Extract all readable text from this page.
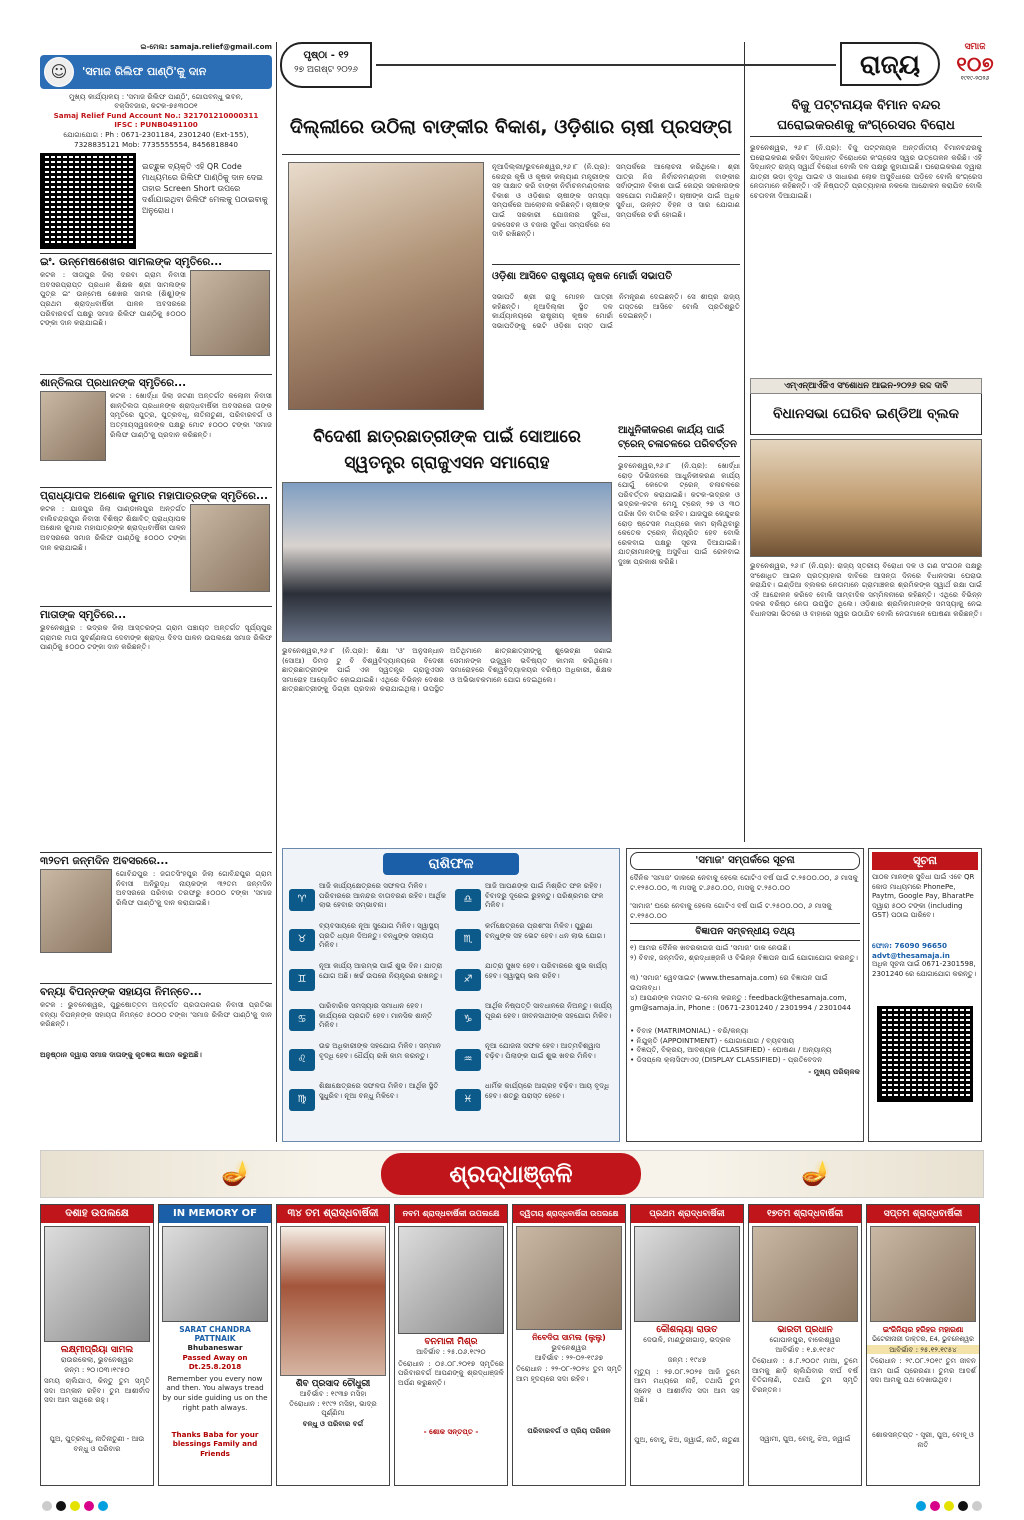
ପୃଷ୍ଠା - ୧୨
୨୭ ଅଗଷ୍ଟ ୨୦୨୬	ରାଜ୍ୟ
ସମାଜ
୧୦୭
୧୯୧୯-୨୦୨୬
ଇ-ମେଲ: samaja.relief@gmail.com
☺	'ସମାଜ ରିଲିଫ ପାଣ୍ଠି'କୁ ଦାନ
ମୁଖ୍ୟ କାର୍ଯ୍ୟାଳୟ : 'ସମାଜ ରିଲିଫ ପାଣ୍ଠି', ଗୋପବନ୍ଧୁ ଭବନ,
ବକ୍ସିବଜାର, କଟକ-୭୫୩୦୦୧
Samaj Relief Fund Account No.: 32170121000031​1
IFSC : PUNB0491100
ଯୋଗାଯୋଗ : Ph : 0671-2301184, 2301240 (Ext-155),
7328835121 Mob: 7735555554, 8456818840
ଇଚ୍ଛୁକ ବ୍ୟକ୍ତି ଏହି QR Code ମାଧ୍ୟମରେ ରିଲିଫ ପାଣ୍ଠିକୁ ଦାନ ଦେଇ ତାହାର Screen Short ଉପରେ ଦର୍ଶାଯାଇଥିବା ରିଲିଫ ମେଲକୁ ପଠାଇବାକୁ ଅନୁରୋଧ।
ଇଂ. ଉନ୍ମେଷଶେଖର ସାମଲଙ୍କ ସ୍ମୃତିରେ...
କଟକ : ସୀତାପୁର ଜିଲା ଦରବା ଗ୍ରାମ ନିବାସୀ ଅବସରପ୍ରାପ୍ତ ପ୍ରଧାନ ଶିକ୍ଷକ ଶ୍ରୀ ସାମଲଙ୍କ ପୁତ୍ର ଇଂ ଉନ୍ମେଷ ଶେଖର ସାମଲ (ଶିଶୁ)ଙ୍କ ପ୍ରଥମ ଶ୍ରାଦ୍ଧବାର୍ଷିକୀ ପାଳନ ଅବସରରେ ପରିବାରବର୍ଗ ପକ୍ଷରୁ ସମାଜ ରିଲିଫ ପାଣ୍ଠିକୁ ୫୦୦୦ ଟଙ୍କା ଦାନ କରାଯାଇଛି।
ଶାନ୍ତିଲତା ପ୍ରଧାନଙ୍କ ସ୍ମୃତିରେ...
କଟକ : ଖୋର୍ଦ୍ଧା ଜିଲା ଜଟଣୀ ଅନ୍ତର୍ଗତ କଲୋନୀ ନିବାସୀ ଶାନ୍ତିଲତା ପ୍ରଧାନଙ୍କ ଶ୍ରାଦ୍ଧବାର୍ଷିକୀ ଅବସରରେ ତାଙ୍କ ସ୍ମୃତିରେ ପୁତ୍ର, ପୁତ୍ରବଧୂ, ନାତିନାତୁଣୀ, ପରିବାରବର୍ଗ ଓ ଅତ୍ମୀୟସ୍ୱଜନଙ୍କ ପକ୍ଷରୁ ମୋଟ ୫୦୦୦ ଟଙ୍କା 'ସମାଜ ରିଲିଫ ପାଣ୍ଠି'କୁ ପ୍ରଦାନ କରିଛନ୍ତି।
ପ୍ରାଧ୍ୟାପକ ଅଶୋକ କୁମାର ମହାପାତ୍ରଙ୍କ ସ୍ମୃତିରେ...
କଟକ : ଯାଜପୁର ଜିଲା ପାଣ୍ଡାଲପୁର ଅନ୍ତର୍ଗତ ବାଲିଚନ୍ଦ୍ରପୁର ନିବାସୀ ବିଶିଷ୍ଟ ଶିକ୍ଷାବିତ୍ ପ୍ରାଧ୍ୟାପକ ଅଶୋକ କୁମାର ମହାପାତ୍ରଙ୍କ ଶ୍ରାଦ୍ଧବାର୍ଷିକୀ ପାଳନ ଅବସରରେ ସମାଜ ରିଲିଫ ପାଣ୍ଠିକୁ ୫୦୦୦ ଟଙ୍କା ଦାନ କରାଯାଇଛି।
ମାତାଙ୍କ ସ୍ମୃତିରେ...
ଭୁବନେଶ୍ୱର : ଭଦ୍ରକ ଜିଲା ଆସ୍ତରଙ୍ଗ ଗ୍ରାମ ପଞ୍ଚାୟତ ଅନ୍ତର୍ଗତ ସୂର୍ଯ୍ୟପୁର ଗ୍ରାମର ମାତା ସୁବର୍ଣ୍ଣଲତା ଦେବୀଙ୍କ ଶ୍ରାଦ୍ଧ ଦିବସ ପାଳନ ଉପଲକ୍ଷେ ସମାଜ ରିଲିଫ ପାଣ୍ଠିକୁ ୫୦୦୦ ଟଙ୍କା ଦାନ କରିଛନ୍ତି।
୩୨ତମ ଜନ୍ମଦିନ ଅବସରରେ...
ଗୋବିନ୍ଦପୁର : ଜଗତସିଂହପୁର ଜିଲା ଗୋବିନ୍ଦପୁର ଗ୍ରାମ ନିବାସୀ ଅନିରୁଦ୍ଧ ନାୟକଙ୍କ ୩୨ତମ ଜନ୍ମଦିନ ଅବସରରେ ପରିବାର ତରଫରୁ ୫୦୦୦ ଟଙ୍କା 'ସମାଜ ରିଲିଫ ପାଣ୍ଠି'କୁ ଦାନ କରାଯାଇଛି।
ବନ୍ୟା ବିପନ୍ନଙ୍କ ସହାୟତା ନିମନ୍ତେ...
କଟକ : ଭୁବନେଶ୍ୱର, ପୁରୁଷୋତ୍ତମ ଅନ୍ତର୍ଗତ ପ୍ରତାପନଗର ନିବାସୀ ପ୍ରତିଭା ବନ୍ୟା ବିପନ୍ନଙ୍କ ସହାୟତା ନିମନ୍ତେ ୫୦୦୦ ଟଙ୍କା 'ସମାଜ ରିଲିଫ ପାଣ୍ଠି'କୁ ଦାନ କରିଛନ୍ତି।
ଅନୁଷ୍ଠାନ ଦ୍ୱାରା ସମାଜ ଦାତାଙ୍କୁ କୃତଜ୍ଞତା ଜ୍ଞାପନ କରୁଅଛି।
ଦିଲ୍ଲୀରେ ଉଠିଲା ବାଙ୍କୀର ବିକାଶ, ଓଡ଼ିଶାର ଚାଷୀ ପ୍ରସଙ୍ଗ
ନୂଆଦିଲ୍ଲୀ/ଭୁବନେଶ୍ୱର,୨୬।୮ (ନି.ପ୍ର): କେନ୍ଦ୍ର କୃଷି ଓ କୃଷକ କଲ୍ୟାଣ ମନ୍ତ୍ରୀଙ୍କ ସହ ସାକ୍ଷାତ କରି ବାଙ୍କୀ ନିର୍ବାଚନମଣ୍ଡଳୀର ବିକାଶ ଓ ଓଡ଼ିଶାର ଚାଷୀଙ୍କ ସମସ୍ୟା ସମ୍ପର୍କରେ ଆଲୋଚନା କରିଛନ୍ତି। ଚାଷୀଙ୍କ ପାଇଁ ସରକାରୀ ଯୋଜନାର ସୁବିଧା, ଜଳସେଚନ ଓ ବଜାର ସୁବିଧା ସମ୍ପର୍କରେ ସେ ଦାବି ରଖିଛନ୍ତି।
ସମ୍ପର୍କରେ ଆଲୋଚନା କରିଥିଲେ। ଶ୍ରୀ ପାତ୍ର ନିଜ ନିର୍ବାଚନମଣ୍ଡଳୀ ବାଙ୍କୀର ସର୍ବାଙ୍ଗୀନ ବିକାଶ ପାଇଁ କେନ୍ଦ୍ର ସରକାରଙ୍କ ସହଯୋଗ ମାଗିଛନ୍ତି। ଚାଷୀଙ୍କ ପାଇଁ ଅଧିକ ସୁବିଧା, ଉନ୍ନତ ବିହନ ଓ ସାର ଯୋଗାଣ ସମ୍ପର୍କରେ ଚର୍ଚ୍ଚା ହୋଇଛି।
ଓଡ଼ିଶା ଆସିବେ ରାଷ୍ଟ୍ରୀୟ କୃଷକ ମୋର୍ଚ୍ଚା ସଭାପତି
ସଭାପତି ଶ୍ରୀ ରାଜୁ ମୋହନ ପାତ୍ରୀ କହିଛନ୍ତି। ନୂଆଦିଲ୍ଲୀ ସ୍ଥିତ ଦଳ କାର୍ଯ୍ୟାଳୟରେ ରାଷ୍ଟ୍ରୀୟ କୃଷକ ମୋର୍ଚ୍ଚା ସଭାପତିଙ୍କୁ ଭେଟି ଓଡ଼ିଶା ଗସ୍ତ ପାଇଁ ନିମନ୍ତ୍ରଣ ଦେଇଛନ୍ତି। ସେ ଶୀଘ୍ର ରାଜ୍ୟ ଗସ୍ତରେ ଆସିବେ ବୋଲି ପ୍ରତିଶ୍ରୁତି ଦେଇଛନ୍ତି।
ବିଦେଶୀ ଛାତ୍ରଛାତ୍ରୀଙ୍କ ପାଇଁ ସୋଆରେ
ସ୍ୱତନ୍ତ୍ର ଗ୍ରାଜୁଏସନ ସମାରୋହ
ଭୁବନେଶ୍ୱର,୨୬।୮ (ନି.ପ୍ର): ଶିକ୍ଷା 'ଓ' ଅନୁସନ୍ଧାନ (ସୋଆ) ଡିମଡ଼ ଟୁ ବି ବିଶ୍ୱବିଦ୍ୟାଳୟରେ ବିଦେଶୀ ଛାତ୍ରଛାତ୍ରୀଙ୍କ ପାଇଁ ଏକ ସ୍ୱତନ୍ତ୍ର ଗ୍ରାଜୁଏସନ ସମାରୋହ ଆୟୋଜିତ ହୋଇଯାଇଛି। ଏଥିରେ ବିଭିନ୍ନ ଦେଶର ଛାତ୍ରଛାତ୍ରୀଙ୍କୁ ଡିଗ୍ରୀ ପ୍ରଦାନ କରାଯାଇଥିଲା। ଉପସ୍ଥିତ ଅତିଥିମାନେ ଛାତ୍ରଛାତ୍ରୀଙ୍କୁ ଶୁଭେଚ୍ଛା ଜଣାଇ ସେମାନଙ୍କ ଉଜ୍ଜ୍ୱଳ ଭବିଷ୍ୟତ କାମନା କରିଥିଲେ। ସମାରୋହରେ ବିଶ୍ୱବିଦ୍ୟାଳୟର ବରିଷ୍ଠ ଅଧିକାରୀ, ଶିକ୍ଷକ ଓ ଅଭିଭାବକମାନେ ଯୋଗ ଦେଇଥିଲେ।
ଆଧୁନିକୀକରଣ କାର୍ଯ୍ୟ ପାଇଁ ଟ୍ରେନ୍ ଚଳାଚଳରେ ପରିବର୍ତ୍ତନ
ଭୁବନେଶ୍ୱର,୨୬।୮ (ନି.ପ୍ର): ଖୋର୍ଦ୍ଧା ରୋଡ଼ ଡିଭିଜନରେ ଆଧୁନିକୀକରଣ କାର୍ଯ୍ୟ ଯୋଗୁଁ କେତେକ ଟ୍ରେନ୍ ଚଳାଚଳରେ ପରିବର୍ତ୍ତନ କରାଯାଇଛି। କଟକ-ଭଦ୍ରକ ଓ ଭଦ୍ରକ-କଟକ ମେମୁ ଟ୍ରେନ୍ ୨୭ ଓ ୩୦ ତାରିଖ ଦିନ ବାତିଲ ରହିବ। ଯାଜପୁର କେନ୍ଦୁଝର ରୋଡ଼ ଷ୍ଟେସନ ମଧ୍ୟରେ କାମ ଚାଲିଥିବାରୁ କେତେକ ଟ୍ରେନ୍ ନିୟନ୍ତ୍ରିତ ହେବ ବୋଲି ରେଳବାଇ ପକ୍ଷରୁ ସୂଚନା ଦିଆଯାଇଛି। ଯାତ୍ରୀମାନଙ୍କୁ ଅସୁବିଧା ପାଇଁ ରେଳବାଇ ଦୁଃଖ ପ୍ରକାଶ କରିଛି।
ବିଜୁ ପଟ୍ଟନାୟକ ବିମାନ ବନ୍ଦର
ଘରୋଇକରଣକୁ କଂଗ୍ରେସର ବିରୋଧ
ଭୁବନେଶ୍ୱର, ୨୬।୮ (ନି.ପ୍ର): ବିଜୁ ପଟ୍ଟନାୟକ ଅନ୍ତର୍ଜାତୀୟ ବିମାନବନ୍ଦରକୁ ଘରୋଇକରଣ କରିବା ସିଦ୍ଧାନ୍ତ ବିରୋଧରେ କଂଗ୍ରେସ ସ୍ୱର ଉତ୍ତୋଳନ କରିଛି। ଏହି ସିଦ୍ଧାନ୍ତ ରାଜ୍ୟ ସ୍ୱାର୍ଥ ବିରୋଧୀ ବୋଲି ଦଳ ପକ୍ଷରୁ କୁହାଯାଇଛି। ଘରୋଇକରଣ ଦ୍ୱାରା ଯାତ୍ରୀ ଭଡ଼ା ବୃଦ୍ଧି ପାଇବ ଓ ସାଧାରଣ ଲୋକ ଅସୁବିଧାରେ ପଡ଼ିବେ ବୋଲି କଂଗ୍ରେସ ନେତାମାନେ କହିଛନ୍ତି। ଏହି ନିଷ୍ପତ୍ତି ପ୍ରତ୍ୟାହାର ନକଲେ ଆନ୍ଦୋଳନ କରାଯିବ ବୋଲି ଚେତାବନୀ ଦିଆଯାଇଛି।
ଏମ୍ଏନ୍ଆର୍ଏଜିଏ ସଂଶୋଧନ ଆଇନ-୨୦୨୬ ରଦ୍ଦ ଦାବି
ବିଧାନସଭା ଘେରିବ ଇଣ୍ଡିଆ ବ୍ଲକ
ଭୁବନେଶ୍ୱର, ୨୬।୮ (ନି.ପ୍ର): ରାଜ୍ୟ ସ୍ତରୀୟ ବିରୋଧୀ ଦଳ ଓ ଗଣ ସଂଗଠନ ପକ୍ଷରୁ ସଂଶୋଧିତ ଆଇନ ପ୍ରତ୍ୟାହାର ଦାବିରେ ଆସନ୍ତା ଦିନରେ ବିଧାନସଭା ଘେରାଉ କରାଯିବ। ଇଣ୍ଡିଆ ବ୍ଲକର ନେତାମାନେ ଗ୍ରାମାଞ୍ଚଳର ଶ୍ରମିକଙ୍କ ସ୍ୱାର୍ଥ ରକ୍ଷା ପାଇଁ ଏହି ଆନ୍ଦୋଳନ କରିବେ ବୋଲି ସାମ୍ବାଦିକ ସମ୍ମିଳନୀରେ କହିଛନ୍ତି। ଏଥିରେ ବିଭିନ୍ନ ଦଳର ବରିଷ୍ଠ ନେତା ଉପସ୍ଥିତ ଥିଲେ। ଓଡ଼ିଶାର ଶ୍ରମିକମାନଙ୍କ ସମସ୍ୟାକୁ ନେଇ ବିଧାନସଭା ଭିତରେ ଓ ବାହାରେ ସ୍ୱର ଉଠାଯିବ ବୋଲି ନେତାମାନେ ଘୋଷଣା କରିଛନ୍ତି।
ରାଶିଫଳ
♈
ଆଜି କାର୍ଯ୍ୟକ୍ଷେତ୍ରରେ ସଫଳତା ମିଳିବ। ପରିବାରରେ ଆନନ୍ଦର ବାତାବରଣ ରହିବ। ଆର୍ଥିକ ଲାଭ ହେବାର ସମ୍ଭାବନା।	♎
ଆଜି ଆପଣଙ୍କ ପାଇଁ ମିଶ୍ରିତ ଫଳ ରହିବ। ବିବାଦରୁ ଦୂରେଇ ରୁହନ୍ତୁ। ପରିଶ୍ରମର ଫଳ ମିଳିବ।
♉
ବ୍ୟବସାୟରେ ନୂଆ ସୁଯୋଗ ମିଳିବ। ସ୍ୱାସ୍ଥ୍ୟ ପ୍ରତି ଧ୍ୟାନ ଦିଅନ୍ତୁ। ବନ୍ଧୁଙ୍କ ସହାୟତା ମିଳିବ।	♏
କର୍ମକ୍ଷେତ୍ରରେ ପ୍ରଶଂସା ମିଳିବ। ପୁରୁଣା ବନ୍ଧୁଙ୍କ ସହ ଭେଟ ହେବ। ଧନ ଲାଭ ଯୋଗ।
♊
ନୂଆ କାର୍ଯ୍ୟ ଆରମ୍ଭ ପାଇଁ ଶୁଭ ଦିନ। ଯାତ୍ରା ଯୋଗ ଅଛି। ଖର୍ଚ୍ଚ ଉପରେ ନିୟନ୍ତ୍ରଣ ରଖନ୍ତୁ।	♐
ଯାତ୍ରା ସୁଖଦ ହେବ। ପରିବାରରେ ଶୁଭ କାର୍ଯ୍ୟ ହେବ। ସ୍ୱାସ୍ଥ୍ୟ ଭଲ ରହିବ।
♋
ପାରିବାରିକ ସମସ୍ୟାର ସମାଧାନ ହେବ। କାର୍ଯ୍ୟରେ ପ୍ରଗତି ହେବ। ମାନସିକ ଶାନ୍ତି ମିଳିବ।	♑
ଆର୍ଥିକ ନିଷ୍ପତ୍ତି ସାବଧାନରେ ନିଅନ୍ତୁ। କାର୍ଯ୍ୟ ପୂରଣ ହେବ। ଜୀବନସାଥୀଙ୍କ ସହଯୋଗ ମିଳିବ।
♌
ଉଚ୍ଚ ଅଧିକାରୀଙ୍କ ସହଯୋଗ ମିଳିବ। ସମ୍ମାନ ବୃଦ୍ଧି ହେବ। ଧୈର୍ଯ୍ୟ ରଖି କାମ କରନ୍ତୁ।	♒
ନୂଆ ଯୋଜନା ସଫଳ ହେବ। ଆତ୍ମବିଶ୍ୱାସ ବଢ଼ିବ। ପିଲାଙ୍କ ପାଇଁ ଶୁଭ ଖବର ମିଳିବ।
♍
ଶିକ୍ଷାକ୍ଷେତ୍ରରେ ସଫଳତା ମିଳିବ। ଆର୍ଥିକ ସ୍ଥିତି ସୁଧୁରିବ। ନୂଆ ବନ୍ଧୁ ମିଳିବେ।	♓
ଧାର୍ମିକ କାର୍ଯ୍ୟରେ ଆଗ୍ରହ ବଢ଼ିବ। ଆୟ ବୃଦ୍ଧି ହେବ। ଶତ୍ରୁ ପରାସ୍ତ ହେବେ।
'ସମାଜ' ସମ୍ପର୍କରେ ସୂଚନା
ଦୈନିକ 'ସମାଜ' ଡାକରେ ନେବାକୁ ହେଲେ ଗୋଟିଏ ବର୍ଷ ପାଇଁ ଟ.୨୫୦୦.୦୦, ୬ ମାସକୁ ଟ.୧୨୫୦.୦୦, ୩ ମାସକୁ ଟ.୬୫୦.୦୦, ମାସକୁ ଟ.୨୫୦.୦୦
'ସାମାଜ' ଘରେ ନେବାକୁ ହେଲେ ଗୋଟିଏ ବର୍ଷ ପାଇଁ ଟ.୨୫୦୦.୦୦, ୬ ମାସକୁ ଟ.୧୨୫୦.୦୦
ବିଜ୍ଞାପନ ସମ୍ବନ୍ଧୀୟ ତଥ୍ୟ
୧) ଆମର ଦୈନିକ ଖବରକାଗଜ ପାଇଁ 'ସମାଜ' ଡାକ ନେଉଛି।
୨) ବିବାହ, ଜନ୍ମଦିନ, ଶ୍ରଦ୍ଧାଞ୍ଜଳି ଓ ବିଭିନ୍ନ ବିଜ୍ଞାପନ ପାଇଁ ଯୋଗାଯୋଗ କରନ୍ତୁ।
୩) 'ସମାଜ' ୱେବସାଇଟ (www.thesamaja.com) ରେ ବିଜ୍ଞାପନ ପାଇଁ ଉପଲବ୍ଧ।
୪) ଆପଣଙ୍କ ମତାମତ ଇ-ମେଲ କରନ୍ତୁ : feedback@thesamaja.com, gm@samaja.in, Phone : (0671-2301240 / 2301994 / 2301044
• ବିବାହ (MATRIMONIAL) - ବରି/କନ୍ୟା
• ନିଯୁକ୍ତି (APPOINTMENT) - ଯୋଗାଯୋଗ / ବ୍ୟବସାୟ
• ବିଜ୍ଞପ୍ତି, ବିକ୍ରୟ, ଆବଶ୍ୟକ (CLASSIFIED) - ଘୋଷଣା / ଅନ୍ୟାନ୍ୟ
• ଡିସପ୍ଲେ କ୍ଲାସିଫାଏଡ୍ (DISPLAY CLASSIFIED) - ପ୍ରତିବେଦନ
- ମୁଖ୍ୟ ପରିଚାଳକ
ସୂଚନା
ପାଠକ ମାନଙ୍କ ସୁବିଧା ପାଇଁ ଏବେ QR କୋଡ ମାଧ୍ୟମରେ PhonePe, Paytm, Google Pay, BharatPe ଦ୍ୱାରା ୫୦୦ ଟଙ୍କା (including GST) ପଠାଇ ପାରିବେ।
ଫୋନ: 76090 96650
advt@thesamaja.in
ଅଧିକ ସୂଚନା ପାଇଁ 0671-2301598, 2301240 ରେ ଯୋଗାଯୋଗ କରନ୍ତୁ।
🪔	ଶ୍ରଦ୍ଧାଞ୍ଜଳି	🪔
ଦଶାହ ଉପଲକ୍ଷେ
ଲକ୍ଷ୍ମୀପ୍ରିୟା ସାମଲ
ରାଉରକେଲା, ଭୁବନେଶ୍ୱର
ଜନ୍ମ : ୨୦।୦୩।୧୯୫୦
ସମୟ ଚାଲିଯାଏ, କିନ୍ତୁ ତୁମ ସ୍ମୃତି ସଦା ଅମ୍ଳାନ ରହିବ। ତୁମ ଆଶୀର୍ବାଦ ସଦା ଆମ ସାଥିରେ ରହୁ।
ପୁଅ, ପୁତ୍ରବଧୂ, ନାତିନାତୁଣୀ - ଆଉ ବନ୍ଧୁ ଓ ପରିବାର
IN MEMORY OF
SARAT CHANDRA PATTNAIK
Bhubaneswar
Passed Away on Dt.25.8.2018
Remember you every now and then. You always tread by our side guiding us on the right path always.
Thanks Baba for your blessings Family and Friends
୩୪ ତମ ଶ୍ରାଦ୍ଧବାର୍ଷିକୀ
ଶିବ ପ୍ରସାଦ ଚୌଧୁରୀ
ଆବିର୍ଭାବ : ୧୯୩୭ ମସିହା
ତିରୋଧାନ : ୧୯୯୨ ମସିହା, ଭାଦ୍ର ପୂର୍ଣ୍ଣିମା
ବନ୍ଧୁ ଓ ପରିବାର ବର୍ଗ
ନବମ ଶ୍ରାଦ୍ଧବାର୍ଷିକୀ ଉପଲକ୍ଷେ
ବନମାଳୀ ମିଶ୍ର
ଆବିର୍ଭାବ : ୨୫.୦୬.୧୯୨୦
ତିରୋଧାନ : ୦୫.୦୮.୨୦୧୭ ସ୍ମୃତିରେ ପରିବାରବର୍ଗ ଆପଣଙ୍କୁ ଶ୍ରଦ୍ଧାଞ୍ଜଳି ଅର୍ପଣ କରୁଛନ୍ତି।
- ଶୋକ ସନ୍ତପ୍ତ -
ଦ୍ୱିତୀୟ ଶ୍ରାଦ୍ଧବାର୍ଷିକୀ ଉପଲକ୍ଷେ
ନିବେଦିତା ସାମଲ (ଲୁଲୁ)
ଭୁବନେଶ୍ୱର
ଆବିର୍ଭାବ : ୨୨-୦୨-୧୯୬୭
ତିରୋଧାନ : ୨୨-୦୮-୨୦୨୪ ତୁମ ସ୍ମୃତି ଆମ ହୃଦୟରେ ସଦା ରହିବ।
ପରିବାରବର୍ଗ ଓ ପ୍ରିୟ ପରିଜନ
ପ୍ରଥମ ଶ୍ରାଦ୍ଧବାର୍ଷିକୀ
କୌଶଲ୍ୟା ରାଉତ
ଦେଉଳି, ମାଣ୍ଡୁରୀଗାଡ଼, ଭଦ୍ରକ
ଜନ୍ମ : ୧୯୪୭
ମୃତ୍ୟୁ : ୨୭.୦୮.୨୦୨୫ ଆଜି ତୁମେ ଆମ ମଧ୍ୟରେ ନାହଁ, ତଥାପି ତୁମ ସ୍ନେହ ଓ ଆଶୀର୍ବାଦ ସଦା ଆମ ସହ ଅଛି।
ପୁଅ, ବୋହୂ, ଝିଅ, ଜ୍ୱାଇଁ, ନାତି, ନାତୁଣୀ
୧୭ତମ ଶ୍ରାଦ୍ଧବାର୍ଷିକୀ
ଭାରତୀ ପ୍ରଧାନ
ଗୋପାଳପୁର, ବାଲେଶ୍ୱର
ଆବିର୍ଭାବ : ୧.୭.୧୯୫୯
ତିରୋଧାନ : ୫.୮.୨୦୦୯ ମାଆ, ତୁମେ ଆମକୁ ଛାଡ଼ି ଚାଲିଯିବାର ଦୀର୍ଘ ବର୍ଷ ବିତିଗଲାଣି, ତଥାପି ତୁମ ସ୍ମୃତି ଚିରନ୍ତନ।
ସ୍ୱାମୀ, ପୁଅ, ବୋହୂ, ଝିଅ, ଜ୍ୱାଇଁ
ସପ୍ତମ ଶ୍ରାଦ୍ଧବାର୍ଷିକୀ
ଇଂଜିନିୟର ହରିହର ମହାରଣା
ଭିଟେରୀନାରୀ ଡାକ୍ତର, E4, ଭୁବନେଶ୍ୱର
ଆବିର୍ଭାବ : ୨୫.୧୨.୧୯୫୪
ତିରୋଧାନ : ୨୯.୦୮.୨୦୧୯ ତୁମ ଜୀବନ ଆମ ପାଇଁ ପ୍ରେରଣା। ତୁମର ଆଦର୍ଶ ସଦା ଆମକୁ ପଥ ଦେଖାଉଥିବ।
ଶୋକସନ୍ତପ୍ତ - ସ୍ତ୍ରୀ, ପୁଅ, ବୋହୂ ଓ ନାତି
